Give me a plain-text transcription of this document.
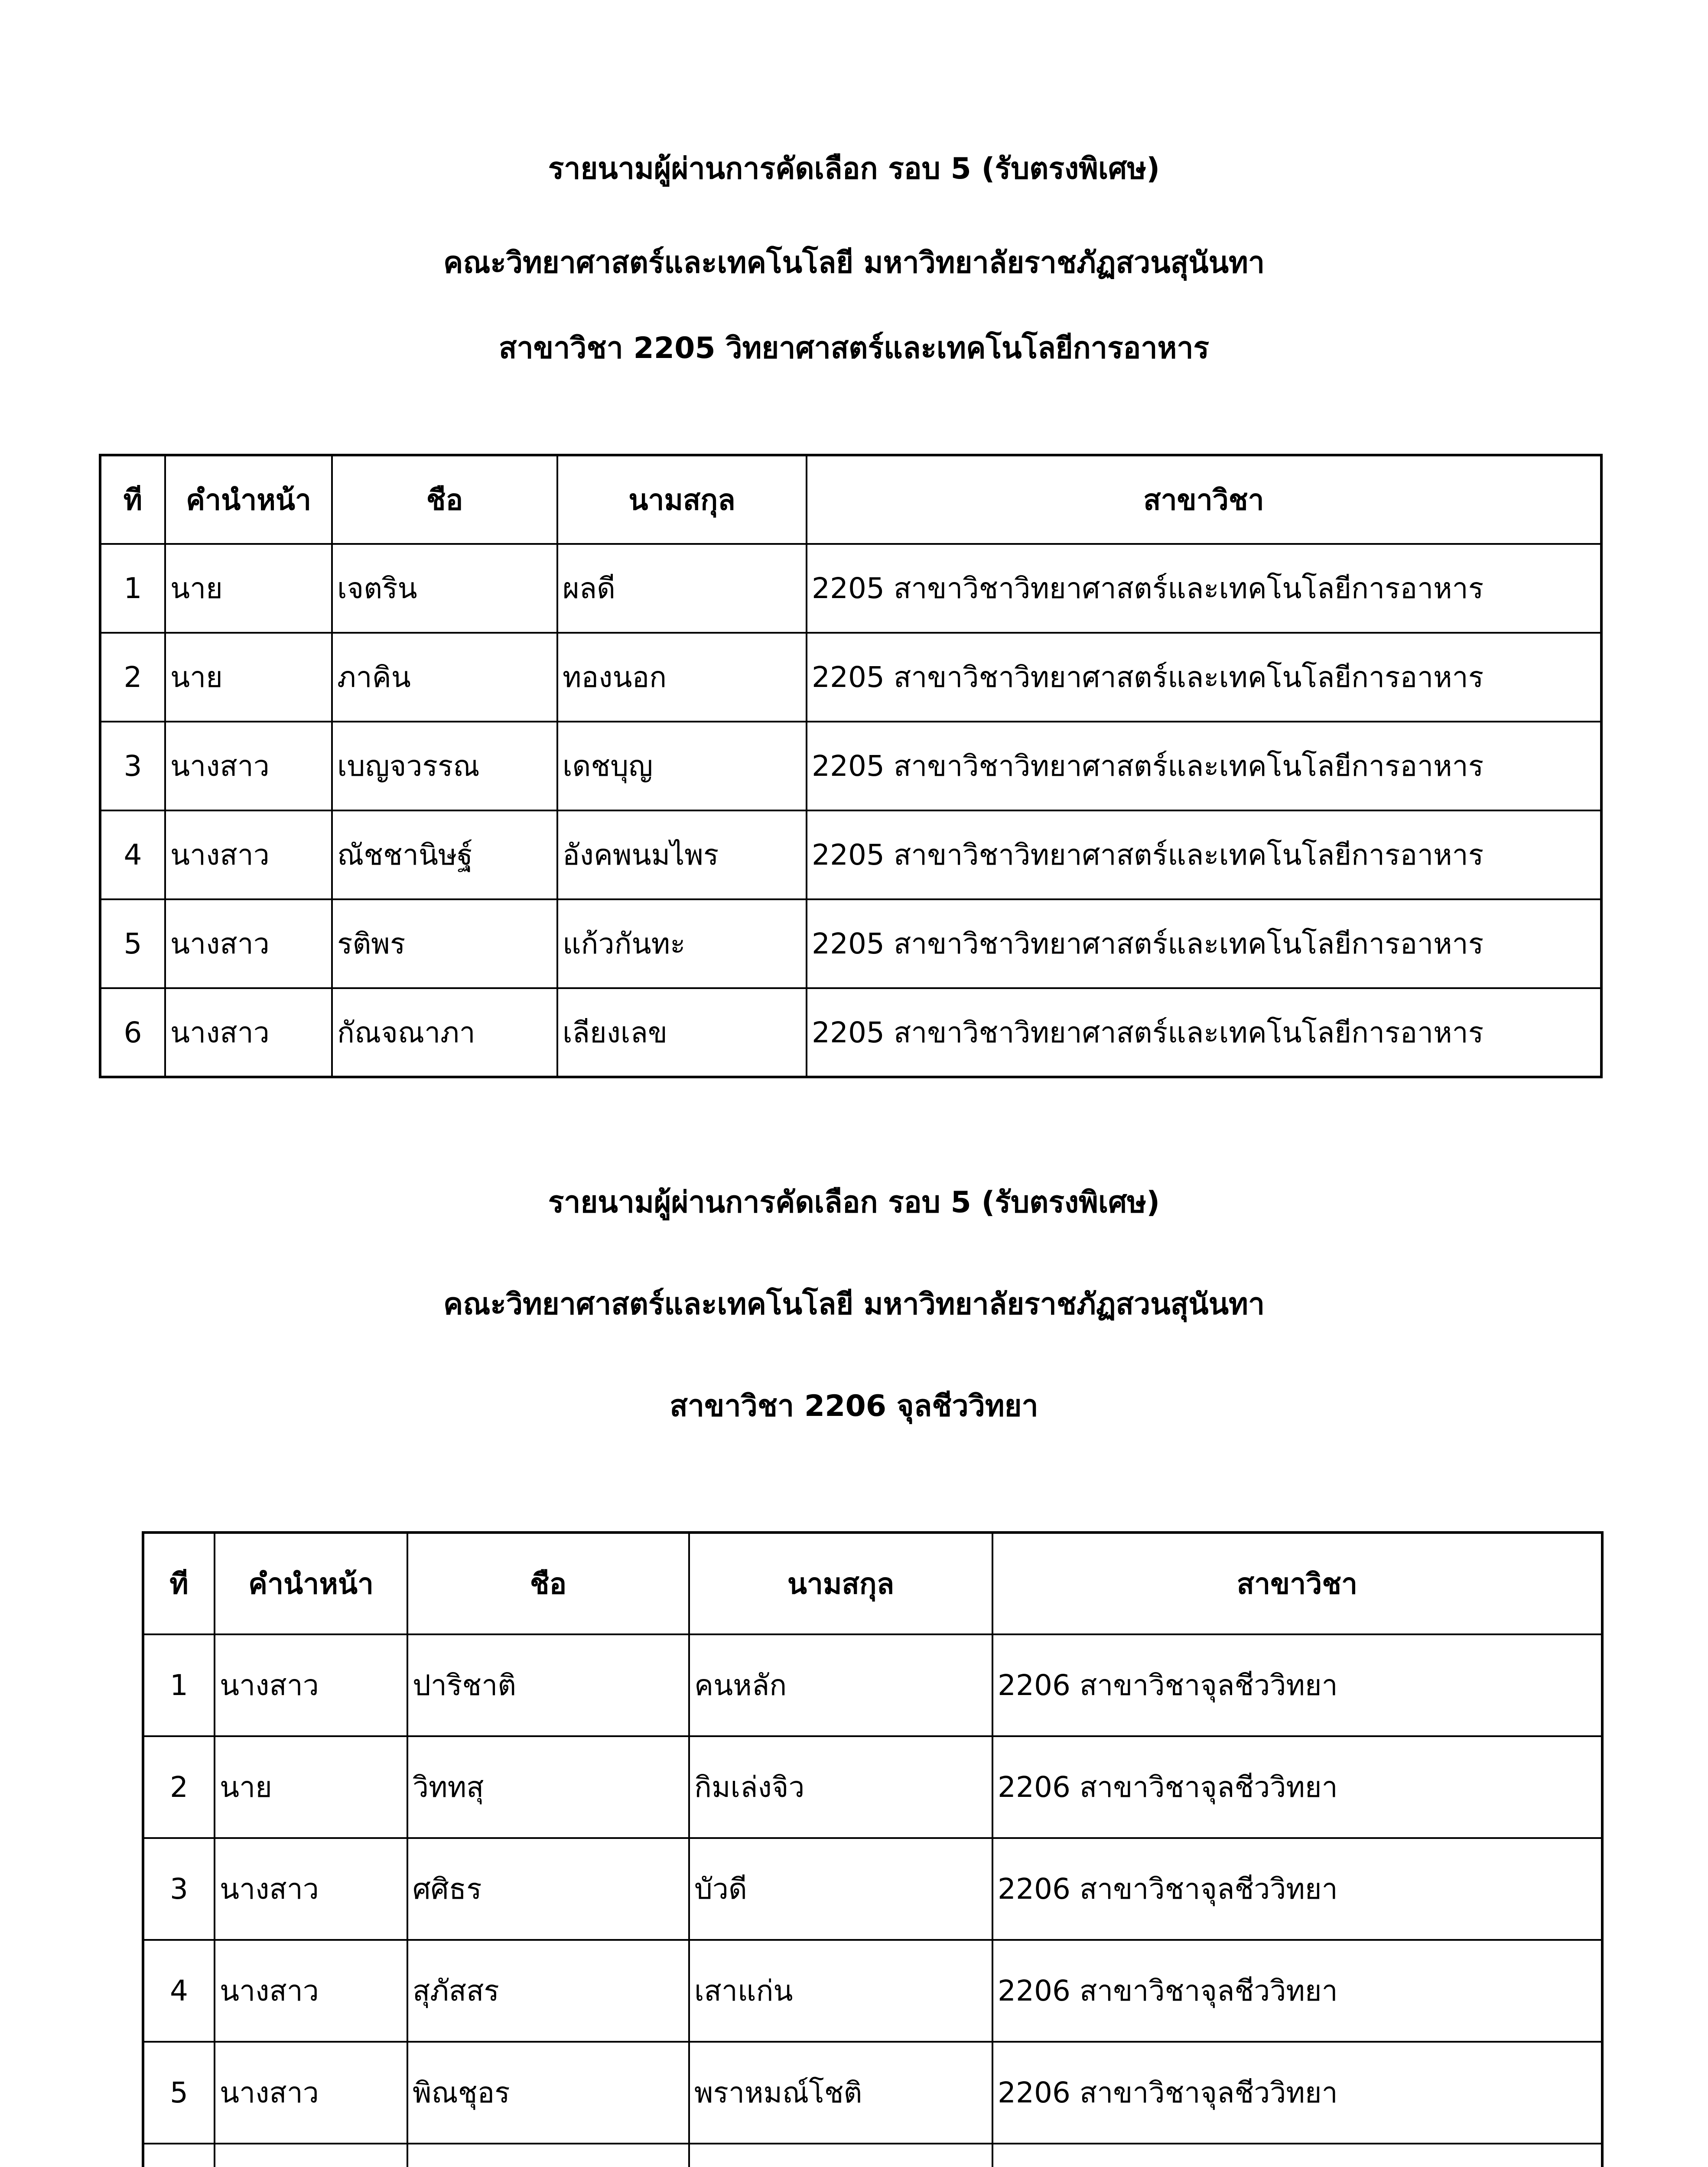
รายนามผู้ผ่านการคัดเลือก รอบ 5 (รับตรงพิเศษ)
คณะวิทยาศาสตร์และเทคโนโลยี มหาวิทยาลัยราชภัฏสวนสุนันทา
สาขาวิชา 2205 วิทยาศาสตร์และเทคโนโลยีการอาหาร
ที	คำนำหน้า	ชือ	นามสกุล	สาขาวิชา
1	นาย	เจตริน	ผลดี	2205 สาขาวิชาวิทยาศาสตร์และเทคโนโลยีการอาหาร
2	นาย	ภาคิน	ทองนอก	2205 สาขาวิชาวิทยาศาสตร์และเทคโนโลยีการอาหาร
3	นางสาว	เบญจวรรณ	เดชบุญ	2205 สาขาวิชาวิทยาศาสตร์และเทคโนโลยีการอาหาร
4	นางสาว	ณัชชานิษฐ์	อังคพนมไพร	2205 สาขาวิชาวิทยาศาสตร์และเทคโนโลยีการอาหาร
5	นางสาว	รติพร	แก้วกันทะ	2205 สาขาวิชาวิทยาศาสตร์และเทคโนโลยีการอาหาร
6	นางสาว	กัณจณาภา	เลียงเลข	2205 สาขาวิชาวิทยาศาสตร์และเทคโนโลยีการอาหาร
รายนามผู้ผ่านการคัดเลือก รอบ 5 (รับตรงพิเศษ)
คณะวิทยาศาสตร์และเทคโนโลยี มหาวิทยาลัยราชภัฏสวนสุนันทา
สาขาวิชา 2206 จุลชีววิทยา
ที	คำนำหน้า	ชือ	นามสกุล	สาขาวิชา
1	นางสาว	ปาริชาติ	คนหลัก	2206 สาขาวิชาจุลชีววิทยา
2	นาย	วิททสุ	กิมเล่งจิว	2206 สาขาวิชาจุลชีววิทยา
3	นางสาว	ศศิธร	บัวดี	2206 สาขาวิชาจุลชีววิทยา
4	นางสาว	สุภัสสร	เสาแก่น	2206 สาขาวิชาจุลชีววิทยา
5	นางสาว	พิณชุอร	พราหมณ์โชติ	2206 สาขาวิชาจุลชีววิทยา
